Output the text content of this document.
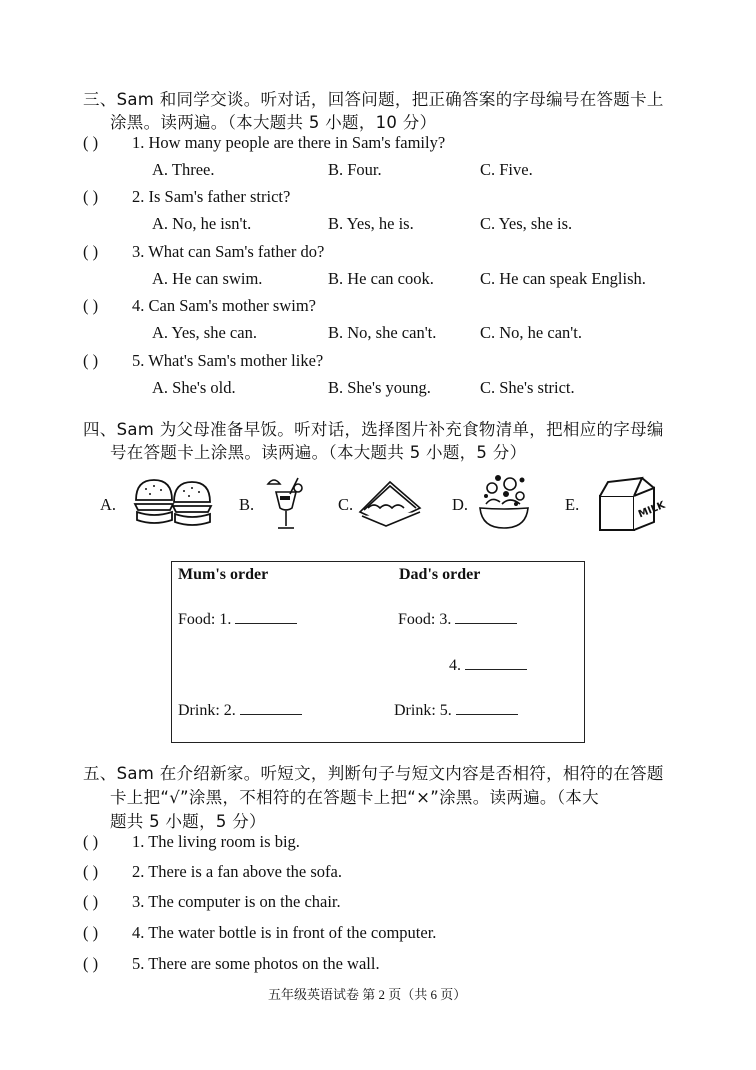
三、Sam 和同学交谈。听对话，回答问题，把正确答案的字母编号在答题卡上
涂黑。读两遍。（本大题共 5 小题，10 分）
( ) 1. How many people are there in Sam's family?
A. Three.	B. Four.	C. Five.
( ) 2. Is Sam's father strict?
A. No, he isn't.	B. Yes, he is.	C. Yes, she is.
( ) 3. What can Sam's father do?
A. He can swim.	B. He can cook.	C. He can speak English.
( ) 4. Can Sam's mother swim?
A. Yes, she can.	B. No, she can't.	C. No, he can't.
( ) 5. What's Sam's mother like?
A. She's old.	B. She's young.	C. She's strict.
四、Sam 为父母准备早饭。听对话，选择图片补充食物清单，把相应的字母编
号在答题卡上涂黑。读两遍。（本大题共 5 小题，5 分）
A.	B.	C.	D.	E.	MILK
Mum's order	Dad's order
Food: 1.	Food: 3.
4.
Drink: 2.	Drink: 5.
五、Sam 在介绍新家。听短文，判断句子与短文内容是否相符，相符的在答题
卡上把“√”涂黑，不相符的在答题卡上把“×”涂黑。读两遍。（本大
题共 5 小题，5 分）
( ) 1. The living room is big.
( ) 2. There is a fan above the sofa.
( ) 3. The computer is on the chair.
( ) 4. The water bottle is in front of the computer.
( ) 5. There are some photos on the wall.
五年级英语试卷 第 2 页（共 6 页）
